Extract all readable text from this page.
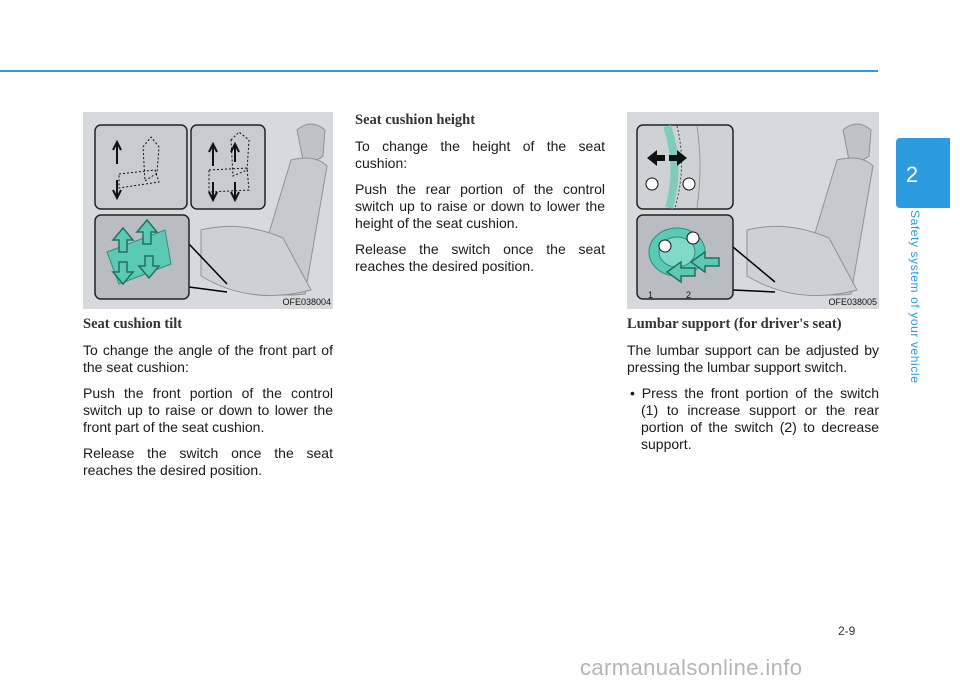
OFE038004

Seat cushion tilt

To change the angle of the front part of the seat cushion:

Push the front portion of the control switch up to raise or down to lower the front part of the seat cushion.

Release the switch once the seat reaches the desired position.

Seat cushion height

To change the height of the seat cushion:

Push the rear portion of the control switch up to raise or down to lower the height of the seat cushion.

Release the switch once the seat reaches the desired position.

1	2
OFE038005

Lumbar support (for driver's seat)

The lumbar support can be adjusted by pressing the lumbar support switch.

• Press the front portion of the switch (1) to increase support or the rear portion of the switch (2) to decrease support.

2
Safety system of your vehicle
2-9
carmanualsonline.info
